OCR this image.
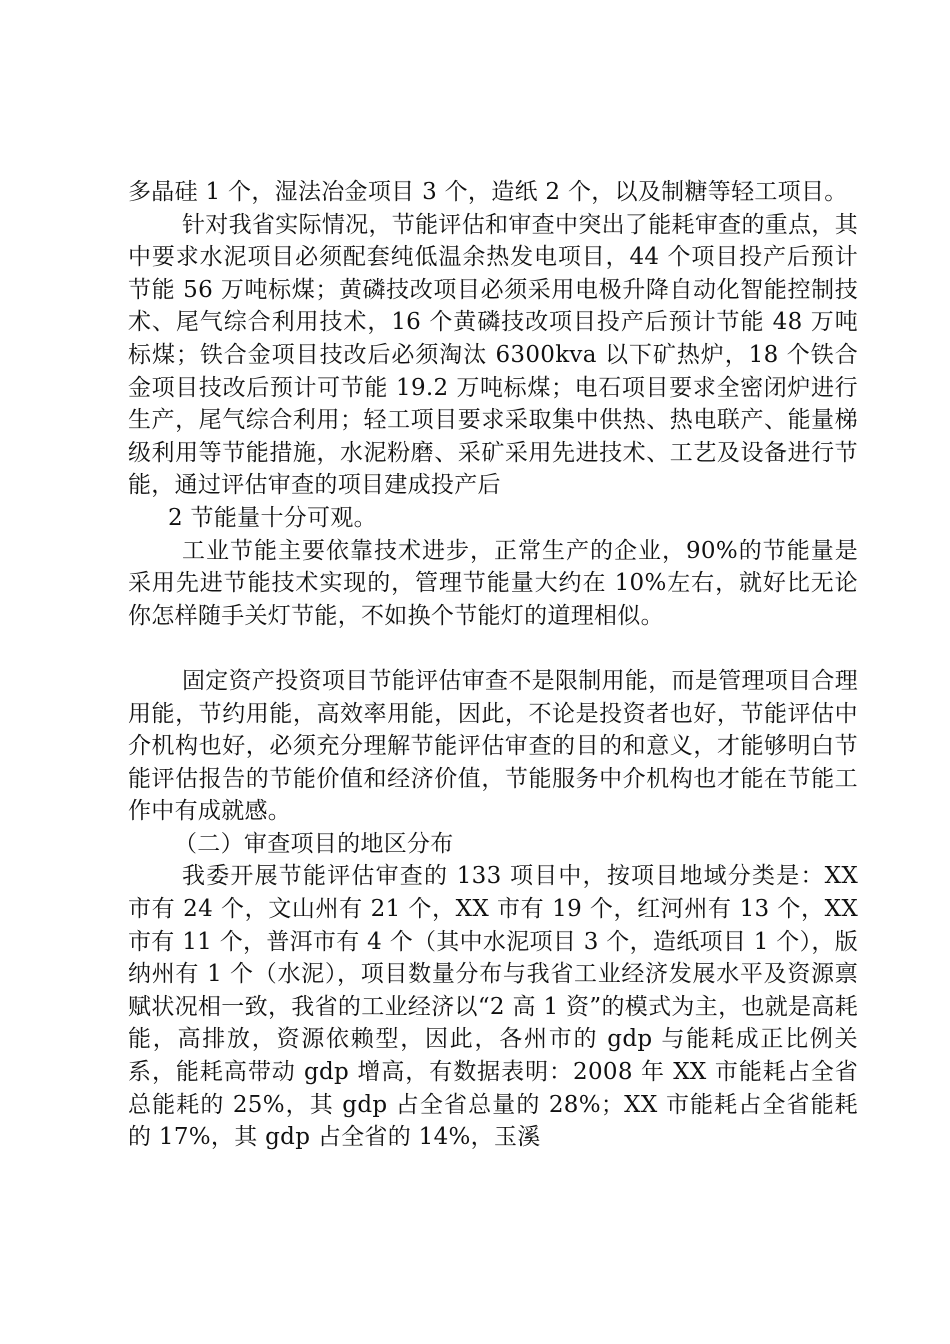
多晶硅 1 个，湿法冶金项目 3 个，造纸 2 个，以及制糖等轻工项目。

针对我省实际情况，节能评估和审查中突出了能耗审查的重点，其中要求水泥项目必须配套纯低温余热发电项目，44 个项目投产后预计节能 56 万吨标煤；黄磷技改项目必须采用电极升降自动化智能控制技术、尾气综合利用技术，16 个黄磷技改项目投产后预计节能 48 万吨标煤；铁合金项目技改后必须淘汰 6300kva 以下矿热炉，18 个铁合金项目技改后预计可节能 19.2 万吨标煤；电石项目要求全密闭炉进行生产，尾气综合利用；轻工项目要求采取集中供热、热电联产、能量梯级利用等节能措施，水泥粉磨、采矿采用先进技术、工艺及设备进行节能，通过评估审查的项目建成投产后

2 节能量十分可观。

工业节能主要依靠技术进步，正常生产的企业，90%的节能量是采用先进节能技术实现的，管理节能量大约在 10%左右，就好比无论你怎样随手关灯节能，不如换个节能灯的道理相似。

固定资产投资项目节能评估审查不是限制用能，而是管理项目合理用能，节约用能，高效率用能，因此，不论是投资者也好，节能评估中介机构也好，必须充分理解节能评估审查的目的和意义，才能够明白节能评估报告的节能价值和经济价值，节能服务中介机构也才能在节能工作中有成就感。

（二）审查项目的地区分布

我委开展节能评估审查的 133 项目中，按项目地域分类是：XX 市有 24 个，文山州有 21 个，XX 市有 19 个，红河州有 13 个，XX 市有 11 个，普洱市有 4 个（其中水泥项目 3 个，造纸项目 1 个），版纳州有 1 个（水泥），项目数量分布与我省工业经济发展水平及资源禀赋状况相一致，我省的工业经济以“2 高 1 资”的模式为主，也就是高耗能，高排放，资源依赖型，因此，各州市的 gdp 与能耗成正比例关系，能耗高带动 gdp 增高，有数据表明：2008 年 XX 市能耗占全省总能耗的 25%，其 gdp 占全省总量的 28%；XX 市能耗占全省能耗的 17%，其 gdp 占全省的 14%，玉溪
